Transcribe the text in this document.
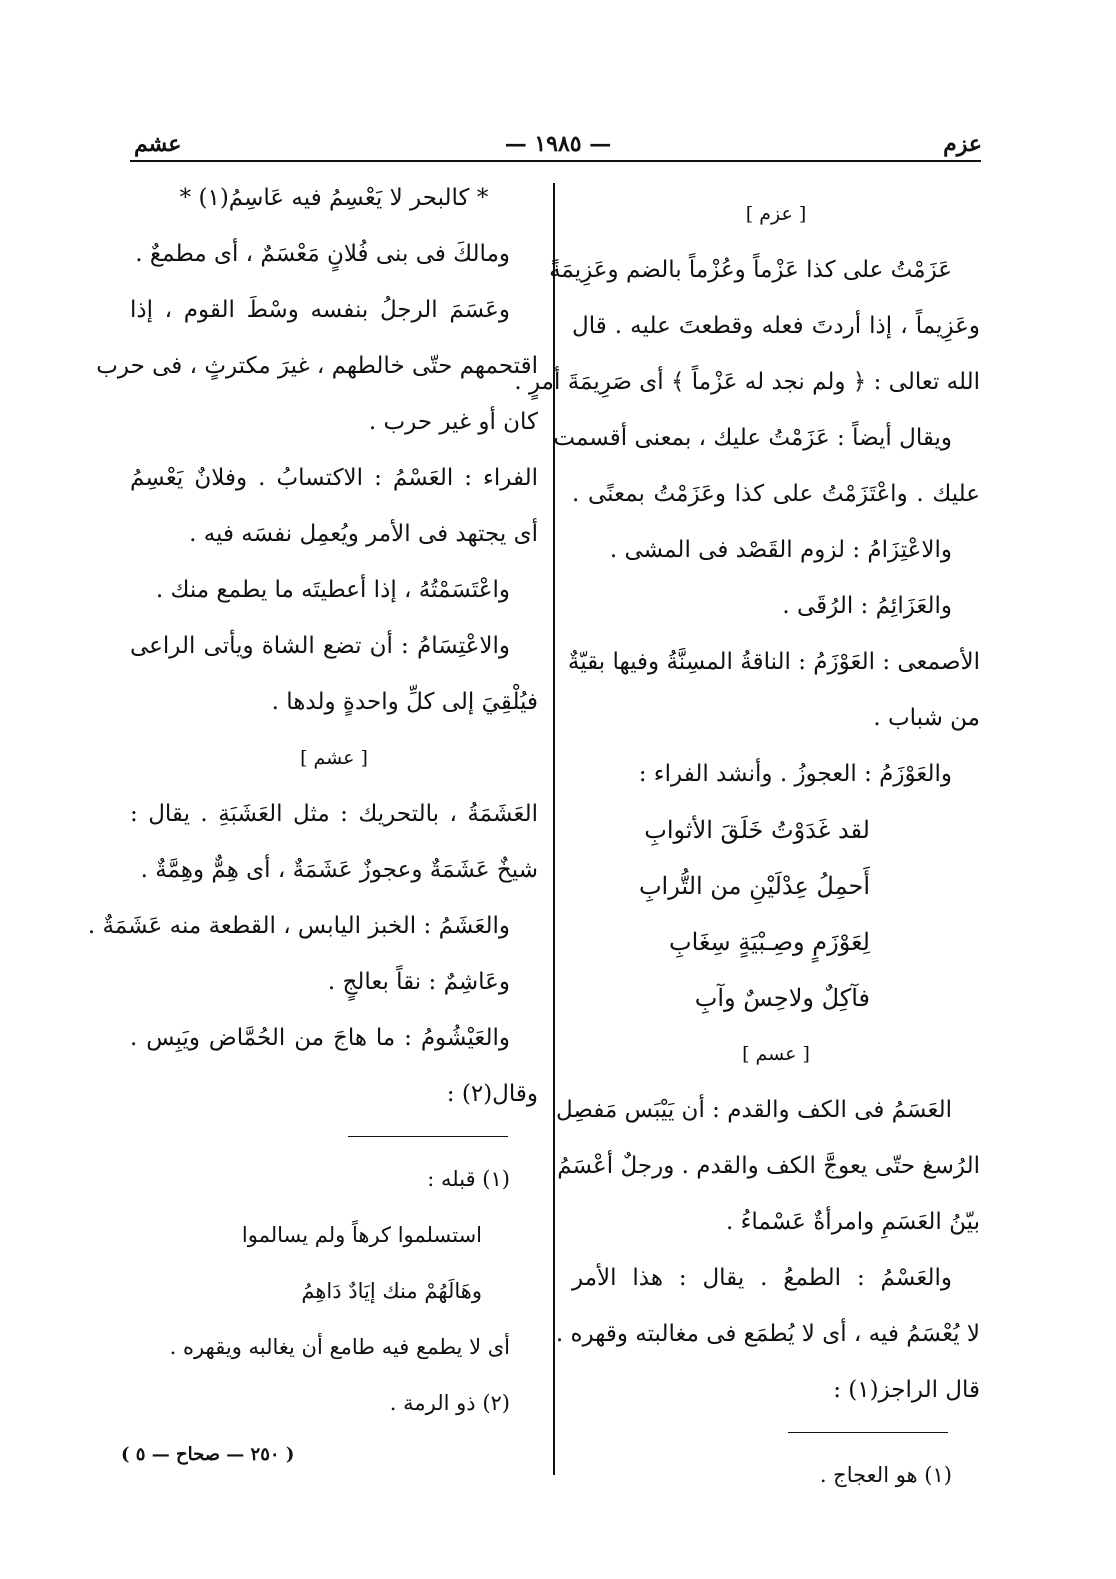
عزم
— ١٩٨٥ —
عشم
[ عزم ]
عَزَمْتُ على كذا عَزْماً وعُزْماً بالضم وعَزِيمَةً
وعَزِيماً ، إذا أردتَ فعله وقطعتَ عليه . قال
الله تعالى : ﴿ ولم نجد له عَزْماً ﴾ أى صَرِيمَةَ أمرٍ .
ويقال أيضاً : عَزَمْتُ عليك ، بمعنى أقسمت
عليك . واعْتَزَمْتُ على كذا وعَزَمْتُ بمعنًى .
والاعْتِزَامُ : لزوم القَصْد فى المشى .
والعَزَائِمُ : الرُقَى .
الأصمعى : العَوْزَمُ : الناقةُ المسِنَّةُ وفيها بقيّةٌ
من شباب .
والعَوْزَمُ : العجوزُ . وأنشد الفراء :
لقد غَدَوْتُ خَلَقَ الأثوابِ
أَحمِلُ عِدْلَيْنِ من التُّرابِ
لِعَوْزَمٍ وصِـبْيَةٍ سِغَابِ
فآكِلٌ ولاحِسٌ وآبِ
[ عسم ]
العَسَمُ فى الكف والقدم : أن يَيْبَس مَفصِل
الرُسغ حتّى يعوجَّ الكف والقدم . ورجلٌ أعْسَمُ
بيّنُ العَسَمِ وامرأةٌ عَسْماءُ .
والعَسْمُ : الطمعُ . يقال : هذا الأمر
لا يُعْسَمُ فيه ، أى لا يُطمَع فى مغالبته وقهره .
قال الراجز(١) :
(١) هو العجاج .
* كالبحر لا يَعْسِمُ فيه عَاسِمُ(١) *
ومالكَ فى بنى فُلانٍ مَعْسَمٌ ، أى مطمعٌ .
وعَسَمَ الرجلُ بنفسه وسْطَ القوم ، إذا
اقتحمهم حتّى خالطهم ، غيرَ مكترثٍ ، فى حرب
كان أو غير حرب .
الفراء : العَسْمُ : الاكتسابُ . وفلانٌ يَعْسِمُ
أى يجتهد فى الأمر ويُعمِل نفسَه فيه .
واعْتَسَمْتُهُ ، إذا أعطيتَه ما يطمع منك .
والاعْتِسَامُ : أن تضع الشاة ويأتى الراعى
فيُلْقِيَ إلى كلِّ واحدةٍ ولدها .
[ عشم ]
العَشَمَةُ ، بالتحريك : مثل العَشَبَةِ . يقال :
شيخٌ عَشَمَةٌ وعجوزٌ عَشَمَةٌ ، أى هِمٌّ وهِمَّةٌ .
والعَشَمُ : الخبز اليابس ، القطعة منه عَشَمَةٌ .
وعَاشِمٌ : نقاً بعالجٍ .
والعَيْشُومُ : ما هاجَ من الحُمَّاض ويَبِس .
وقال(٢) :
(١) قبله :
استسلموا كرهاً ولم يسالموا
وهَالَهُمْ منك إيَادٌ دَاهِمُ
أى لا يطمع فيه طامع أن يغالبه ويقهره .
(٢) ذو الرمة .
( ٢٥٠ — صحاح — ٥ )
